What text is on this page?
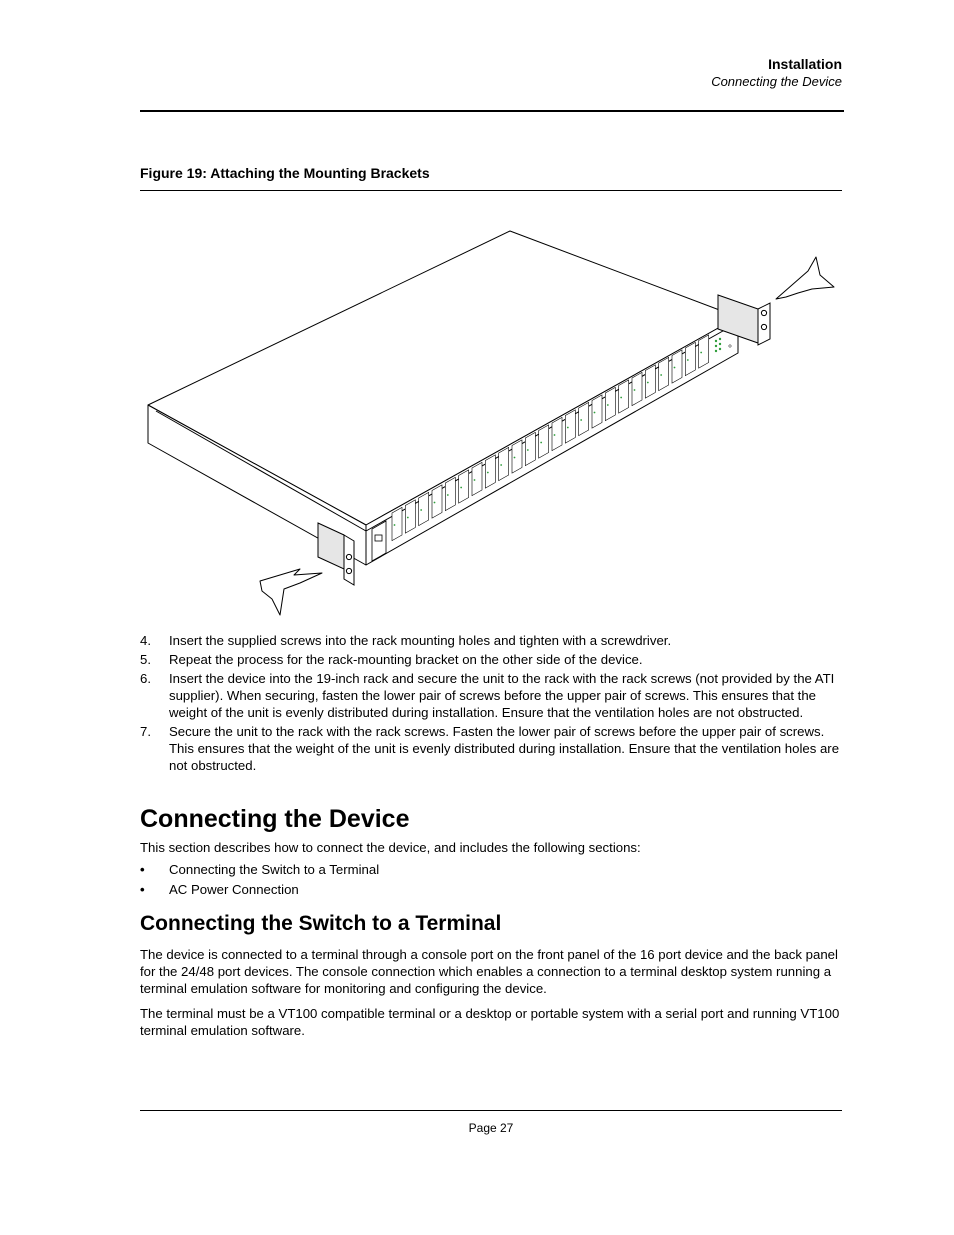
Installation
Connecting the Device
Figure 19: Attaching the Mounting Brackets
4.	Insert the supplied screws into the rack mounting holes and tighten with a screwdriver.
5.	Repeat the process for the rack-mounting bracket on the other side of the device.
6.	Insert the device into the 19-inch rack and secure the unit to the rack with the rack screws (not provided by the ATI supplier). When securing, fasten the lower pair of screws before the upper pair of screws. This ensures that the weight of the unit is evenly distributed during installation. Ensure that the ventilation holes are not obstructed.
7.	Secure the unit to the rack with the rack screws. Fasten the lower pair of screws before the upper pair of screws. This ensures that the weight of the unit is evenly distributed during installation. Ensure that the ventilation holes are not obstructed.
Connecting the Device
This section describes how to connect the device, and includes the following sections:
•	Connecting the Switch to a Terminal
•	AC Power Connection
Connecting the Switch to a Terminal
The device is connected to a terminal through a console port on the front panel of the 16 port device and the back panel for the 24/48 port devices. The console connection which enables a connection to a terminal desktop system running a terminal emulation software for monitoring and configuring the device.
The terminal must be a VT100 compatible terminal or a desktop or portable system with a serial port and running VT100 terminal emulation software.
Page 27
